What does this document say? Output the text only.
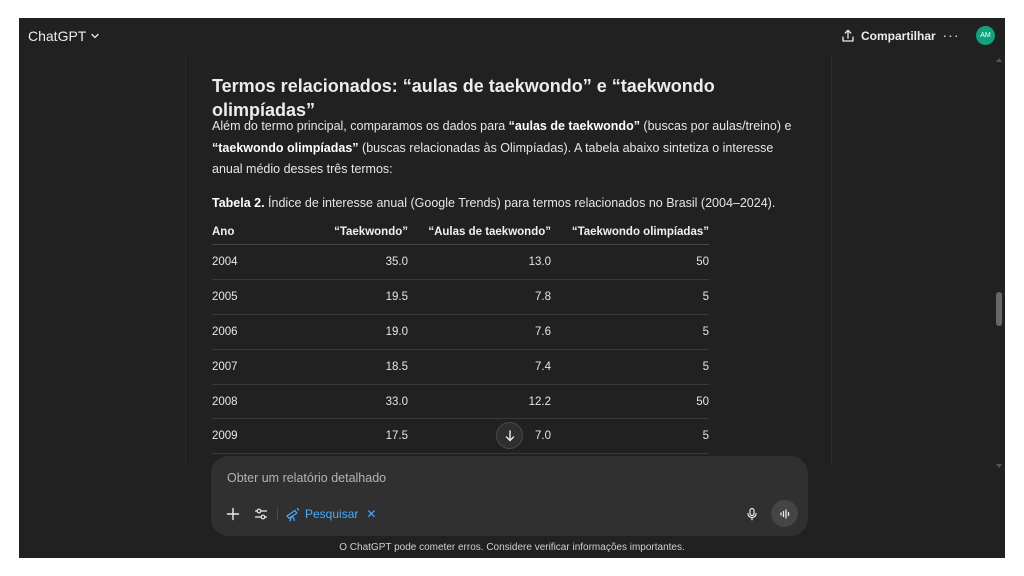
ChatGPT	Compartilhar ···	AM
Termos relacionados: “aulas de taekwondo” e “taekwondo olimpíadas”

Além do termo principal, comparamos os dados para “aulas de taekwondo” (buscas por aulas/treino) e “taekwondo olimpíadas” (buscas relacionadas às Olimpíadas). A tabela abaixo sintetiza o interesse anual médio desses três termos:

Tabela 2. Índice de interesse anual (Google Trends) para termos relacionados no Brasil (2004–2024).

Ano	“Taekwondo”	“Aulas de taekwondo”	“Taekwondo olimpíadas”
2004	35.0	13.0	50
2005	19.5	7.8	5
2006	19.0	7.6	5
2007	18.5	7.4	5
2008	33.0	12.2	50
2009	17.5	7.0	5
Obter um relatório detalhado
Pesquisar ✕
O ChatGPT pode cometer erros. Considere verificar informações importantes.
